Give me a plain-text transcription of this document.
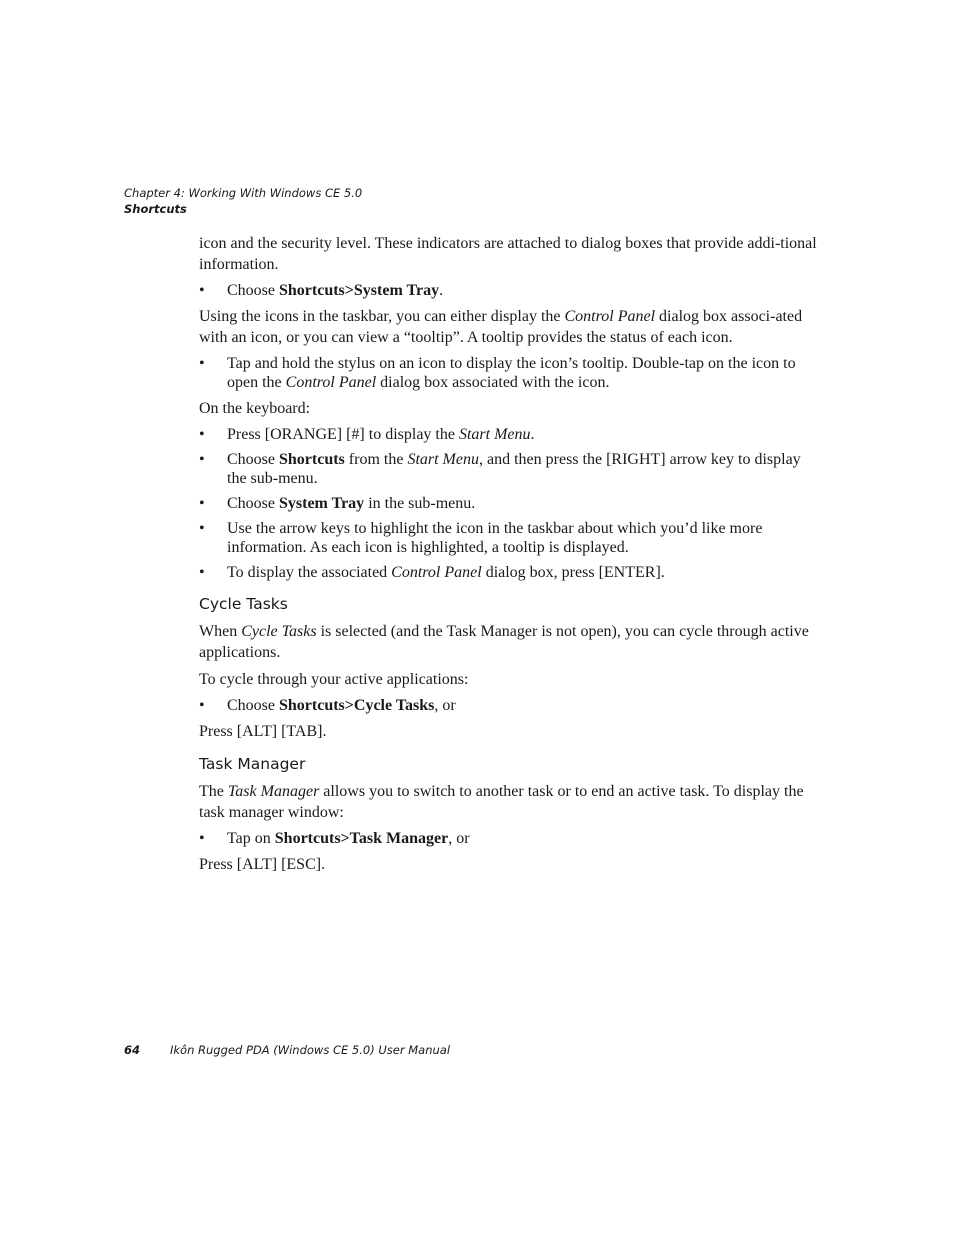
Chapter 4: Working With Windows CE 5.0
Shortcuts

icon and the security level. These indicators are attached to dialog boxes that provide addi-tional information.

• Choose Shortcuts>System Tray.

Using the icons in the taskbar, you can either display the Control Panel dialog box associ-ated with an icon, or you can view a “tooltip”. A tooltip provides the status of each icon.

• Tap and hold the stylus on an icon to display the icon’s tooltip. Double-tap on the icon to open the Control Panel dialog box associated with the icon.

On the keyboard:

• Press [ORANGE] [#] to display the Start Menu.
• Choose Shortcuts from the Start Menu, and then press the [RIGHT] arrow key to display the sub-menu.
• Choose System Tray in the sub-menu.
• Use the arrow keys to highlight the icon in the taskbar about which you’d like more information. As each icon is highlighted, a tooltip is displayed.
• To display the associated Control Panel dialog box, press [ENTER].
Cycle Tasks

When Cycle Tasks is selected (and the Task Manager is not open), you can cycle through active applications.

To cycle through your active applications:

• Choose Shortcuts>Cycle Tasks, or

Press [ALT] [TAB].

Task Manager

The Task Manager allows you to switch to another task or to end an active task. To display the task manager window:

• Tap on Shortcuts>Task Manager, or

Press [ALT] [ESC].

64	Ikôn Rugged PDA (Windows CE 5.0) User Manual
